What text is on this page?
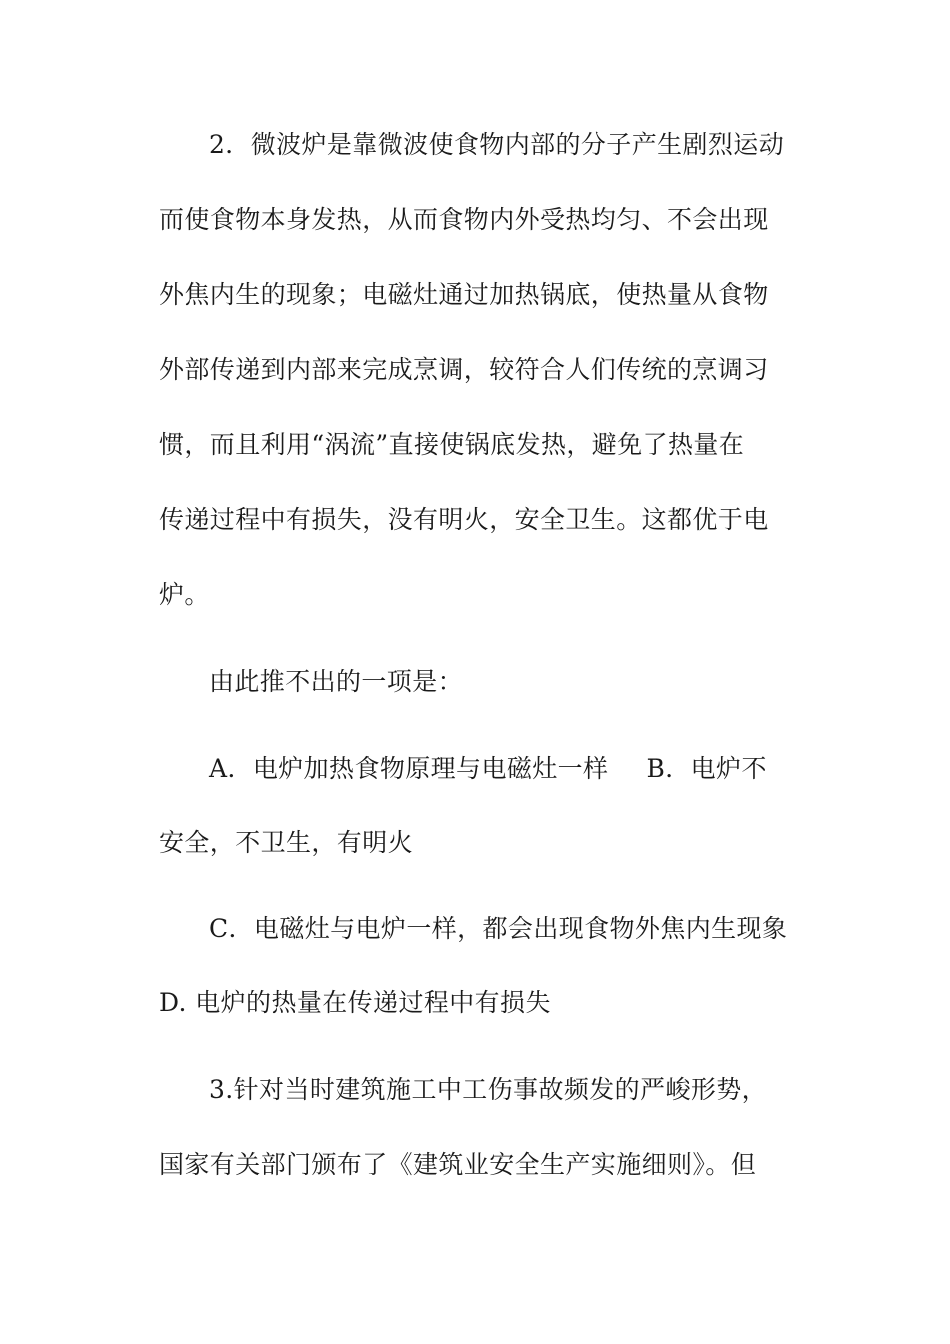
2．微波炉是靠微波使食物内部的分子产生剧烈运动
而使食物本身发热，从而食物内外受热均匀、不会出现
外焦内生的现象；电磁灶通过加热锅底，使热量从食物
外部传递到内部来完成烹调，较符合人们传统的烹调习
惯，而且利用“涡流”直接使锅底发热，避免了热量在
传递过程中有损失，没有明火，安全卫生。这都优于电
炉。
由此推不出的一项是：
A．电炉加热食物原理与电磁灶一样 B．电炉不
安全，不卫生，有明火
C．电磁灶与电炉一样，都会出现食物外焦内生现象
D. 电炉的热量在传递过程中有损失
3.针对当时建筑施工中工伤事故频发的严峻形势，
国家有关部门颁布了《建筑业安全生产实施细则》。但
